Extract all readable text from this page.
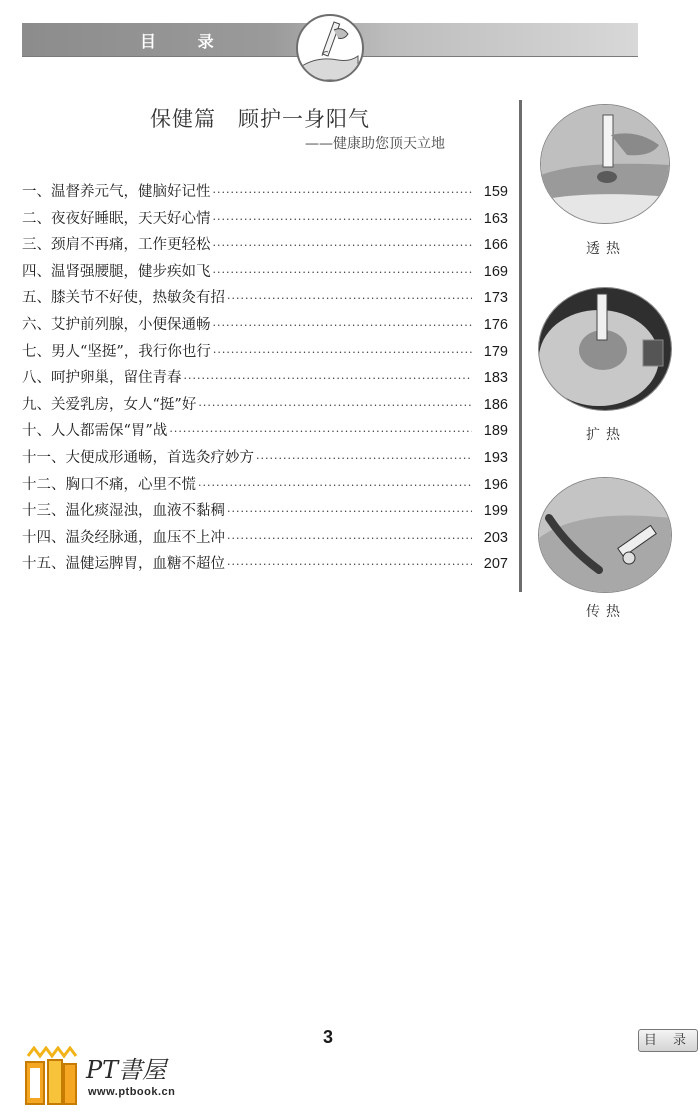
目 录
保健篇　顾护一身阳气
——健康助您顶天立地
一、温督养元气，健脑好记性 ·····	159
二、夜夜好睡眠，天天好心情 ·····	163
三、颈肩不再痛，工作更轻松 ·····	166
四、温肾强腰腿，健步疾如飞 ·····	169
五、膝关节不好使，热敏灸有招 ·····	173
六、艾护前列腺，小便保通畅 ·····	176
七、男人“坚挺”，我行你也行 ·····	179
八、呵护卵巢，留住青春 ·····	183
九、关爱乳房，女人“挺”好 ·····	186
十、人人都需保“胃”战 ·····	189
十一、大便成形通畅，首选灸疗妙方 ·····	193
十二、胸口不痛，心里不慌 ·····	196
十三、温化痰湿浊，血液不黏稠 ·····	199
十四、温灸经脉通，血压不上冲 ·····	203
十五、温健运脾胃，血糖不超位 ·····	207
透热
扩热
传热
3	目 录
PT書屋
www.ptbook.cn
